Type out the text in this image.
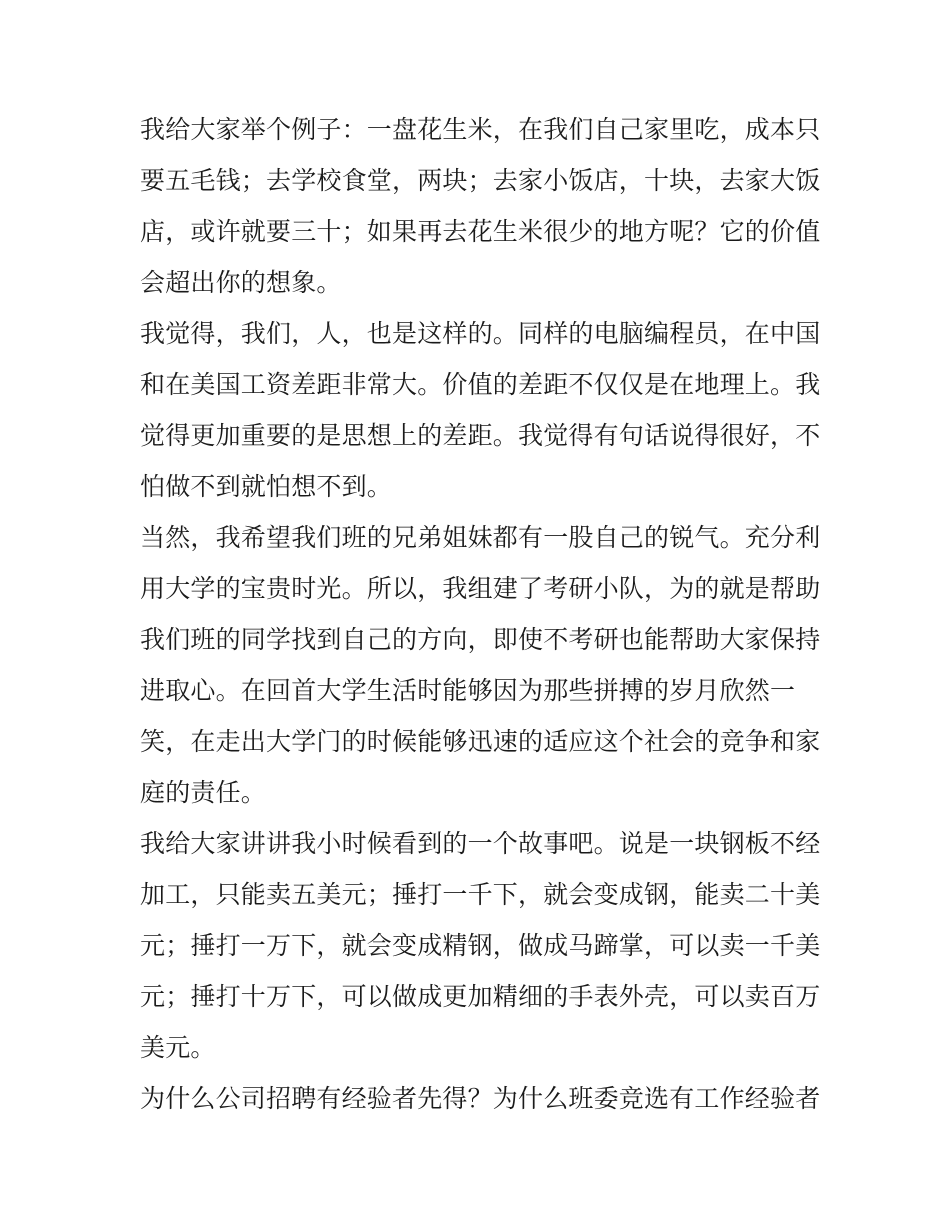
我给大家举个例子：一盘花生米，在我们自己家里吃，成本只
要五毛钱；去学校食堂，两块；去家小饭店，十块，去家大饭
店，或许就要三十；如果再去花生米很少的地方呢？它的价值
会超出你的想象。
我觉得，我们，人，也是这样的。同样的电脑编程员，在中国
和在美国工资差距非常大。价值的差距不仅仅是在地理上。我
觉得更加重要的是思想上的差距。我觉得有句话说得很好，不
怕做不到就怕想不到。
当然，我希望我们班的兄弟姐妹都有一股自己的锐气。充分利
用大学的宝贵时光。所以，我组建了考研小队，为的就是帮助
我们班的同学找到自己的方向，即使不考研也能帮助大家保持
进取心。在回首大学生活时能够因为那些拼搏的岁月欣然一
笑，在走出大学门的时候能够迅速的适应这个社会的竞争和家
庭的责任。
我给大家讲讲我小时候看到的一个故事吧。说是一块钢板不经
加工，只能卖五美元；捶打一千下，就会变成钢，能卖二十美
元；捶打一万下，就会变成精钢，做成马蹄掌，可以卖一千美
元；捶打十万下，可以做成更加精细的手表外壳，可以卖百万
美元。
为什么公司招聘有经验者先得？为什么班委竞选有工作经验者
